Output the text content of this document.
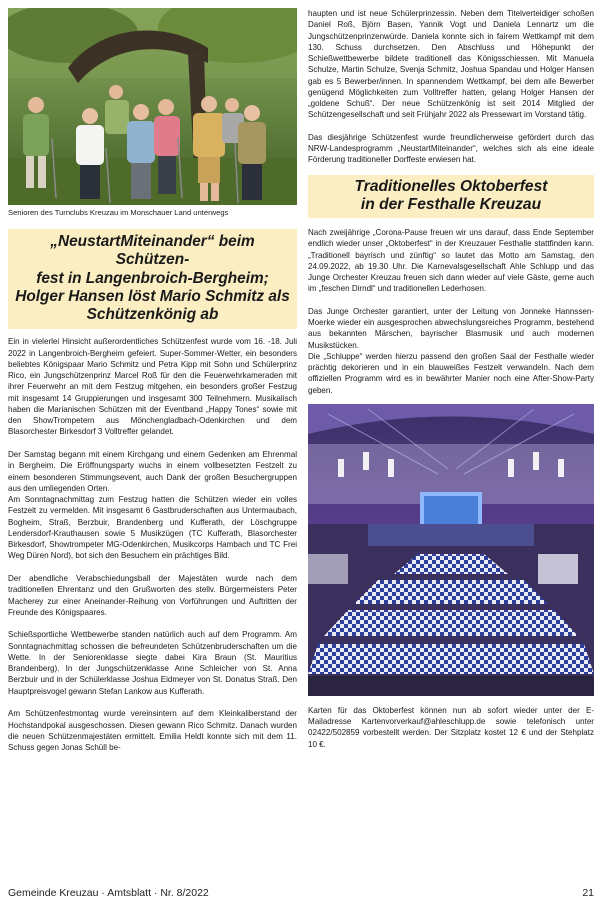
Senioren des Turnclubs Kreuzau im Monschauer Land unterwegs
„NeustartMiteinander“ beim Schützen-
fest in Langenbroich-Bergheim;
Holger Hansen löst Mario Schmitz als
Schützenkönig ab

Ein in vielerlei Hinsicht außerordentliches Schützenfest wurde vom 16. -18. Juli 2022 in Langenbroich-Bergheim gefeiert. Super-Sommer-Wetter, ein besonders beliebtes Königspaar Mario Schmitz und Petra Kipp mit Sohn und Schülerprinz Rico, ein Jungschützenprinz Marcel Roß für den die Feuerwehrkameraden mit ihrer Feuerwehr an mit dem Festzug mitgehen, ein besonders großer Festzug mit insgesamt 14 Gruppierungen und insgesamt 300 Teilnehmern. Musikalisch haben die Marianischen Schützen mit der Eventband „Happy Tones“ sowie mit den ShowTrompetern aus Mönchengladbach-Odenkirchen und dem Blasorchester Birkesdorf 3 Volltreffer gelandet.

Der Samstag begann mit einem Kirchgang und einem Gedenken am Ehrenmal in Bergheim. Die Eröffnungsparty wuchs in einem vollbesetzten Festzelt zu einem besonderen Stimmungsevent, auch Dank der großen Besuchergruppen aus den umliegenden Orten.

Am Sonntagnachmittag zum Festzug hatten die Schützen wieder ein volles Festzelt zu vermelden. Mit insgesamt 6 Gastbruderschaften aus Untermaubach, Bogheim, Straß, Berzbuir, Brandenberg und Kufferath, der Löschgruppe Lendersdorf-Krauthausen sowie 5 Musikzügen (TC Kufferath, Blasorchester Birkesdorf, Showtrompeter MG-Odenkirchen, Musikcorps Hambach und TC Frei Weg Düren Nord), bot sich den Besuchern ein prächtiges Bild.

Der abendliche Verabschiedungsball der Majestäten wurde nach dem traditionellen Ehrentanz und den Grußworten des stellv. Bürgermeisters Peter Macherey zur einer Aneinander-Reihung von Vorführungen und Auftritten der Freunde des Königspaares.

Schießsportliche Wettbewerbe standen natürlich auch auf dem Programm. Am Sonntagnachmittag schossen die befreundeten Schützenbruderschaften um die Wette. In der Seniorenklasse siegte dabei Kira Braun (St. Mauritius Brandenberg). In der Jungschützenklasse Anne Schleicher von St. Anna Berzbuir und in der Schülerklasse Joshua Eidmeyer von St. Donatus Straß. Den Hauptpreisvogel gewann Stefan Lankow aus Kufferath.

Am Schützenfestmontag wurde vereinsintern auf dem Kleinkaliberstand der Hochstandpokal ausgeschossen. Diesen gewann Rico Schmitz. Danach wurden die neuen Schützenmajestäten ermittelt. Emilia Heldt konnte sich mit dem 11. Schuss gegen Jonas Schüll be-

haupten und ist neue Schülerprinzessin. Neben dem Titelverteidiger schoßen Daniel Roß, Björn Basen, Yannik Vogt und Daniela Lennartz um die Jungschützenprinzenwürde. Daniela konnte sich in fairem Wettkampf mit dem 130. Schuss durchsetzen. Den Abschluss und Höhepunkt der Schießwettbewerbe bildete traditionell das Königsschiessen. Mit Manuela Schulze, Martin Schulze, Svenja Schmitz, Joshua Spandau und Holger Hansen gab es 5 Bewerber/innen. In spannendem Wettkampf, bei dem alle Bewerber genügend Möglichkeiten zum Volltreffer hatten, gelang Holger Hansen der „goldene Schuß“. Der neue Schützenkönig ist seit 2014 Mitglied der Schützengesellschaft und seit Frühjahr 2022 als Pressewart im Vorstand tätig.

Das diesjährige Schützenfest wurde freundlicherweise gefördert durch das NRW-Landesprogramm „NeustartMiteinander“, welches sich als eine ideale Förderung traditioneller Dorffeste erwiesen hat.

Traditionelles Oktoberfest
in der Festhalle Kreuzau

Nach zweijährige „Corona-Pause freuen wir uns darauf, dass Ende September endlich wieder unser „Oktoberfest“ in der Kreuzauer Festhalle stattfinden kann. „Traditionell bayrisch und zünftig“ so lautet das Motto am Samstag, den 24.09.2022, ab 19.30 Uhr. Die Karnevalsgesellschaft Ahle Schlupp und das Junge Orchester Kreuzau freuen sich dann wieder auf viele Gäste, gerne auch im „feschen Dirndl“ und traditionellen Lederhosen.

Das Junge Orchester garantiert, unter der Leitung von Jonneke Hannssen-Moerke wieder ein ausgesprochen abwechslungsreiches Programm, bestehend aus bekannten Märschen, bayrischer Blasmusik und auch modernen Musikstücken.

Die „Schluppe“ werden hierzu passend den großen Saal der Festhalle wieder prächtig dekorieren und in ein blauweißes Festzelt verwandeln. Nach dem offiziellen Programm wird es in bewährter Manier noch eine After-Show-Party geben.

Karten für das Oktoberfest können nun ab sofort wieder unter der E-Mailadresse Kartenvorverkauf@ahleschlupp.de sowie telefonisch unter 02422/502859 vorbestellt werden. Der Sitzplatz kostet 12 € und der Stehplatz 10 €.

Gemeinde Kreuzau · Amtsblatt · Nr. 8/2022	21
